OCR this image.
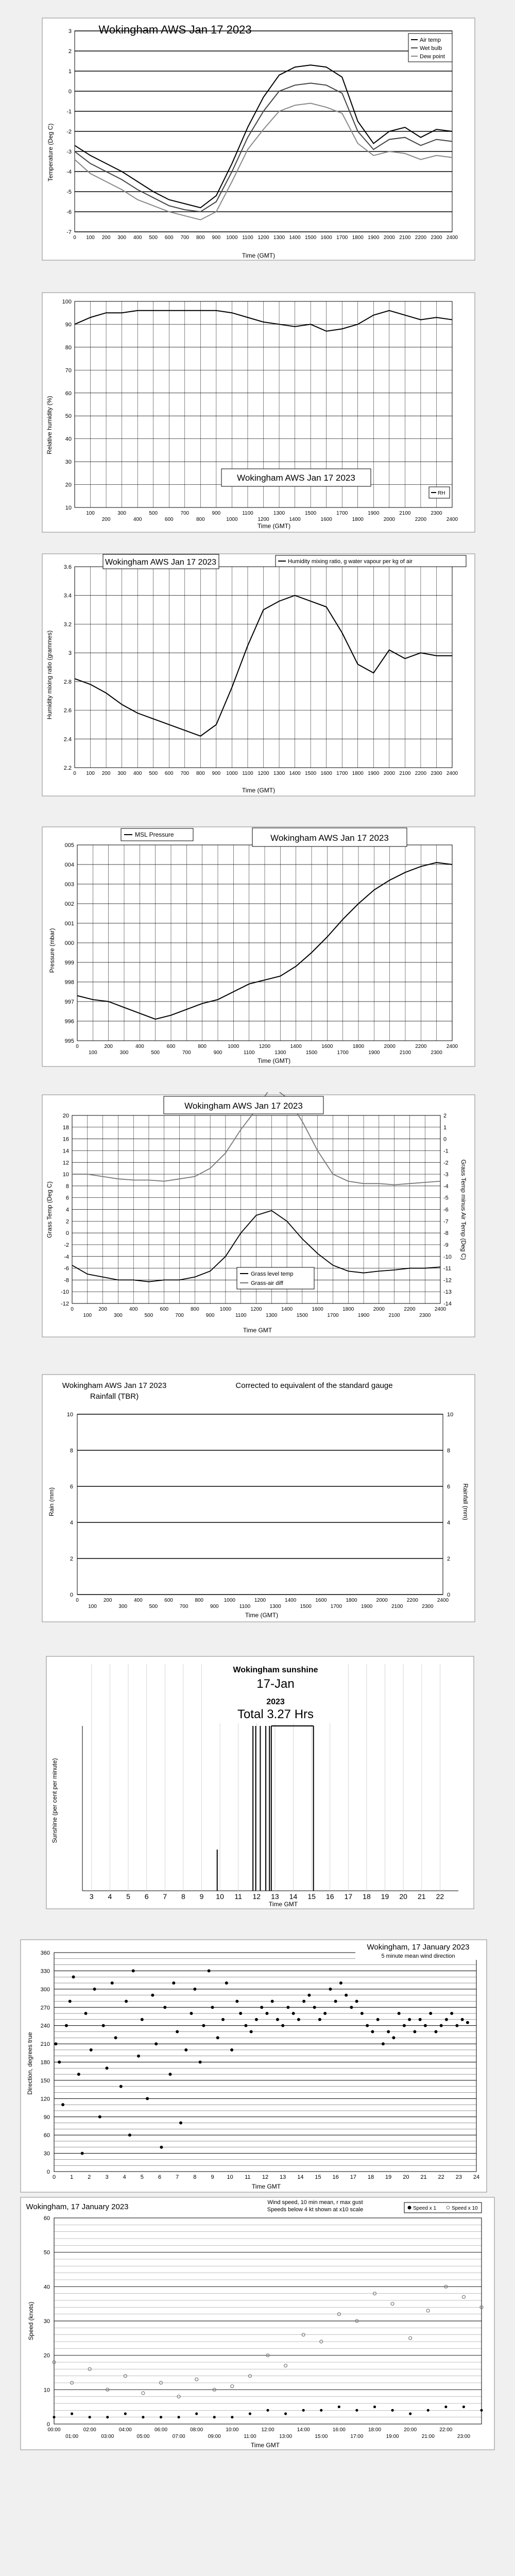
3
2
1
0
-1
-2
-3
-4
-5
-6
-7
0 100 200 300 400 500 600 700 800 900 1000 1100 1200 1300 1400 1500 1600 1700 1800 1900 2000 2100 2200 2300 2400
Air temp
Wet bulb
Dew point
Wokingham AWS Jan 17 2023
Temperature (Deg C)
Time (GMT)
100
90
80
70
60
50
40
30
20
10
100
200
300
400
500
600
700
800
900
1000
1100
1200
1300
1400
1500
1600
1700
1800
1900
2000
2100
2200
2300
2400
RH
Wokingham AWS Jan 17 2023
Relative humidity (%)
Time (GMT)
3.6
3.4
3.2
3
2.8
2.6
2.4
2.2
0 100 200 300 400 500 600 700 800 900 1000 1100 1200 1300 1400 1500 1600 1700 1800 1900 2000 2100 2200 2300 2400
Humidity mixing ratio, g water vapour per kg of air
Wokingham AWS Jan 17 2023
Humidity mixing ratio (grammes)
Time (GMT)
005
004
003
002
001
000
999
998
997
996
995
0
100
200
300
400
500
600
700
800
900
1000
1100
1200
1300
1400
1500
1600
1700
1800
1900
2000
2100
2200
2300
2400
MSL Pressure	Wokingham AWS Jan 17 2023
Pressure (mbar)
Time (GMT)
20
18
16
14
12
10
8
6
4
2
0
-2
-4
-6
-8
-10
-12
0
100
200
300
400
500
600
700
800
900
1000
1100
1200
1300
1400
1500
1600
1700
1800
1900
2000
2100
2200
2300
2400
2
1
0
-1
-2
-3
-4
-5
-6
-7
-8
-9
-10
-11
-12
-13
-14
Grass level temp
Grass-air diff
Wokingham AWS Jan 17 2023
Grass Temp (Deg C)	Grass Temp minus Air Temp (Deg C)
Time GMT
0	0
2	2
4	4
6	6
8	8
10	10
0
100
200
300
400
500
600
700
800
900
1000
1100
1200
1300
1400
1500
1600
1700
1800
1900
2000
2100
2200
2300
2400
Wokingham AWS Jan 17 2023
Rainfall (TBR)
Corrected to equivalent of the standard gauge
Rain (mm)	Rainfall (mm)
Time (GMT)
3 4 5 6 7 8 9 10 11 12 13 14 15 16 17 18 19 20 21 22
Wokingham sunshine
17-Jan
2023
Total 3.27 Hrs
Sunshine (per cent per minute)
Time GMT
0
30
60
90
120
150
180
210
240
270
300
330
360
0	1	2	3	4	5	6	7	8	9 10 11 12 13 14 15 16 17 18 19 20 21 22 23 24
Wokingham, 17 January 2023
5 minute mean wind direction
Direction, degrees true
Time GMT
0
10
20
30
40
50
60
00:00	02:00	04:00	06:00	08:00	10:00	12:00	14:00	16:00	18:00	20:00	22:00
01:00	03:00	05:00	07:00	09:00	11:00	13:00	15:00	17:00	19:00	21:00	23:00
Speed x 1	Speed x 10
Wokingham, 17 January 2023	Wind speed, 10 min mean, r max gust
Speeds below 4 kt shown at x10 scale
Speed (knots)
Time GMT
